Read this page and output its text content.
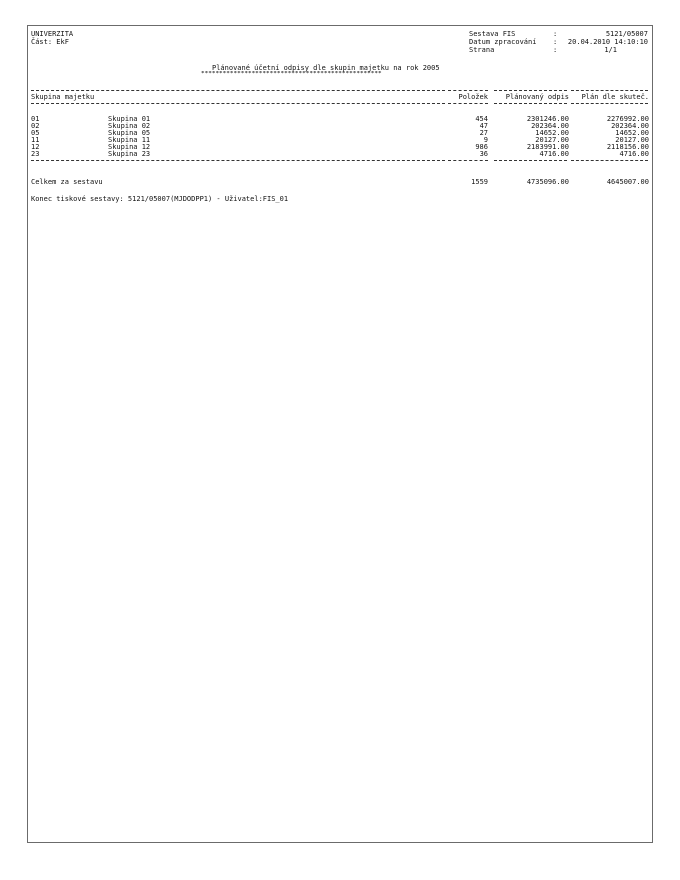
UNIVERZITA
Část: EkF
Sestava FIS	:	5121/05007
Datum zpracování :	20.04.2010 14:10:10
Strana	:	1/1
Plánované účetní odpisy dle skupin majetku na rok 2005
**************************************************
Skupina majetku	Položek	Plánovaný odpis	Plán dle skuteč.
01	Skupina 01	454	2301246.00	2276992.00
02	Skupina 02	47	202364.00	202364.00
05	Skupina 05	27	14652.00	14652.00
11	Skupina 11	9	20127.00	20127.00
12	Skupina 12	986	2183991.00	2118156.00
23	Skupina 23	36	4716.00	4716.00
Celkem za sestavu	1559	4735096.00	4645007.00
Konec tiskové sestavy: 5121/05007(MJDODPP1) - Uživatel:FIS_01
